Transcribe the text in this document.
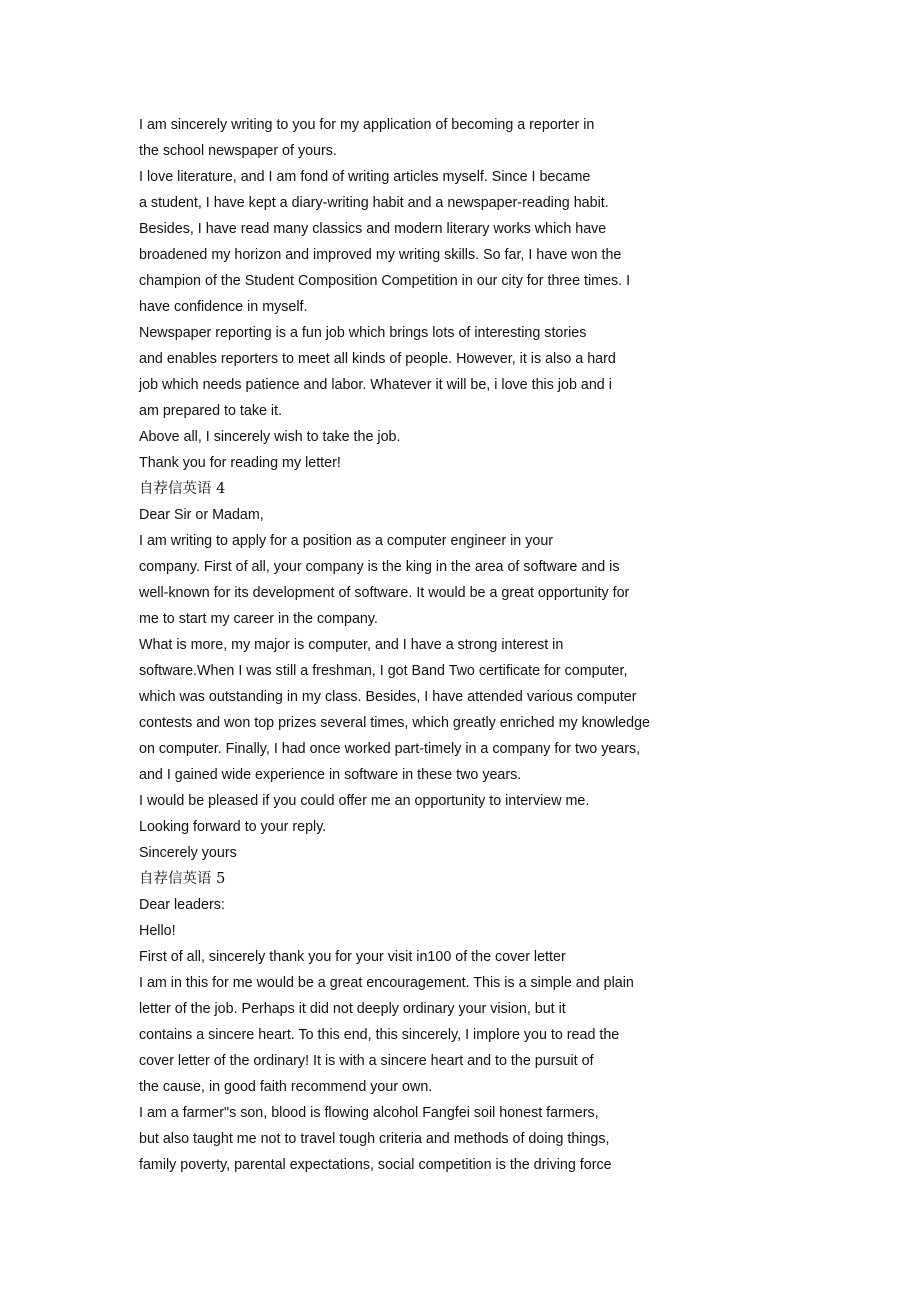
I am sincerely writing to you for my application of becoming a reporter in
the school newspaper of yours.
I love literature, and I am fond of writing articles myself. Since I became
a student, I have kept a diary-writing habit and a newspaper-reading habit.
Besides, I have read many classics and modern literary works which have
broadened my horizon and improved my writing skills. So far, I have won the
champion of the Student Composition Competition in our city for three times. I
have confidence in myself.
Newspaper reporting is a fun job which brings lots of interesting stories
and enables reporters to meet all kinds of people. However, it is also a hard
job which needs patience and labor. Whatever it will be, i love this job and i
am prepared to take it.
Above all, I sincerely wish to take the job.
Thank you for reading my letter!
自荐信英语 4
Dear Sir or Madam,
I am writing to apply for a position as a computer engineer in your
company. First of all, your company is the king in the area of software and is
well-known for its development of software. It would be a great opportunity for
me to start my career in the company.
What is more, my major is computer, and I have a strong interest in
software.When I was still a freshman, I got Band Two certificate for computer,
which was outstanding in my class. Besides, I have attended various computer
contests and won top prizes several times, which greatly enriched my knowledge
on computer. Finally, I had once worked part-timely in a company for two years,
and I gained wide experience in software in these two years.
I would be pleased if you could offer me an opportunity to interview me.
Looking forward to your reply.
Sincerely yours
自荐信英语 5
Dear leaders:
Hello!
First of all, sincerely thank you for your visit in100 of the cover letter
I am in this for me would be a great encouragement. This is a simple and plain
letter of the job. Perhaps it did not deeply ordinary your vision, but it
contains a sincere heart. To this end, this sincerely, I implore you to read the
cover letter of the ordinary! It is with a sincere heart and to the pursuit of
the cause, in good faith recommend your own.
I am a farmer"s son, blood is flowing alcohol Fangfei soil honest farmers,
but also taught me not to travel tough criteria and methods of doing things,
family poverty, parental expectations, social competition is the driving force
